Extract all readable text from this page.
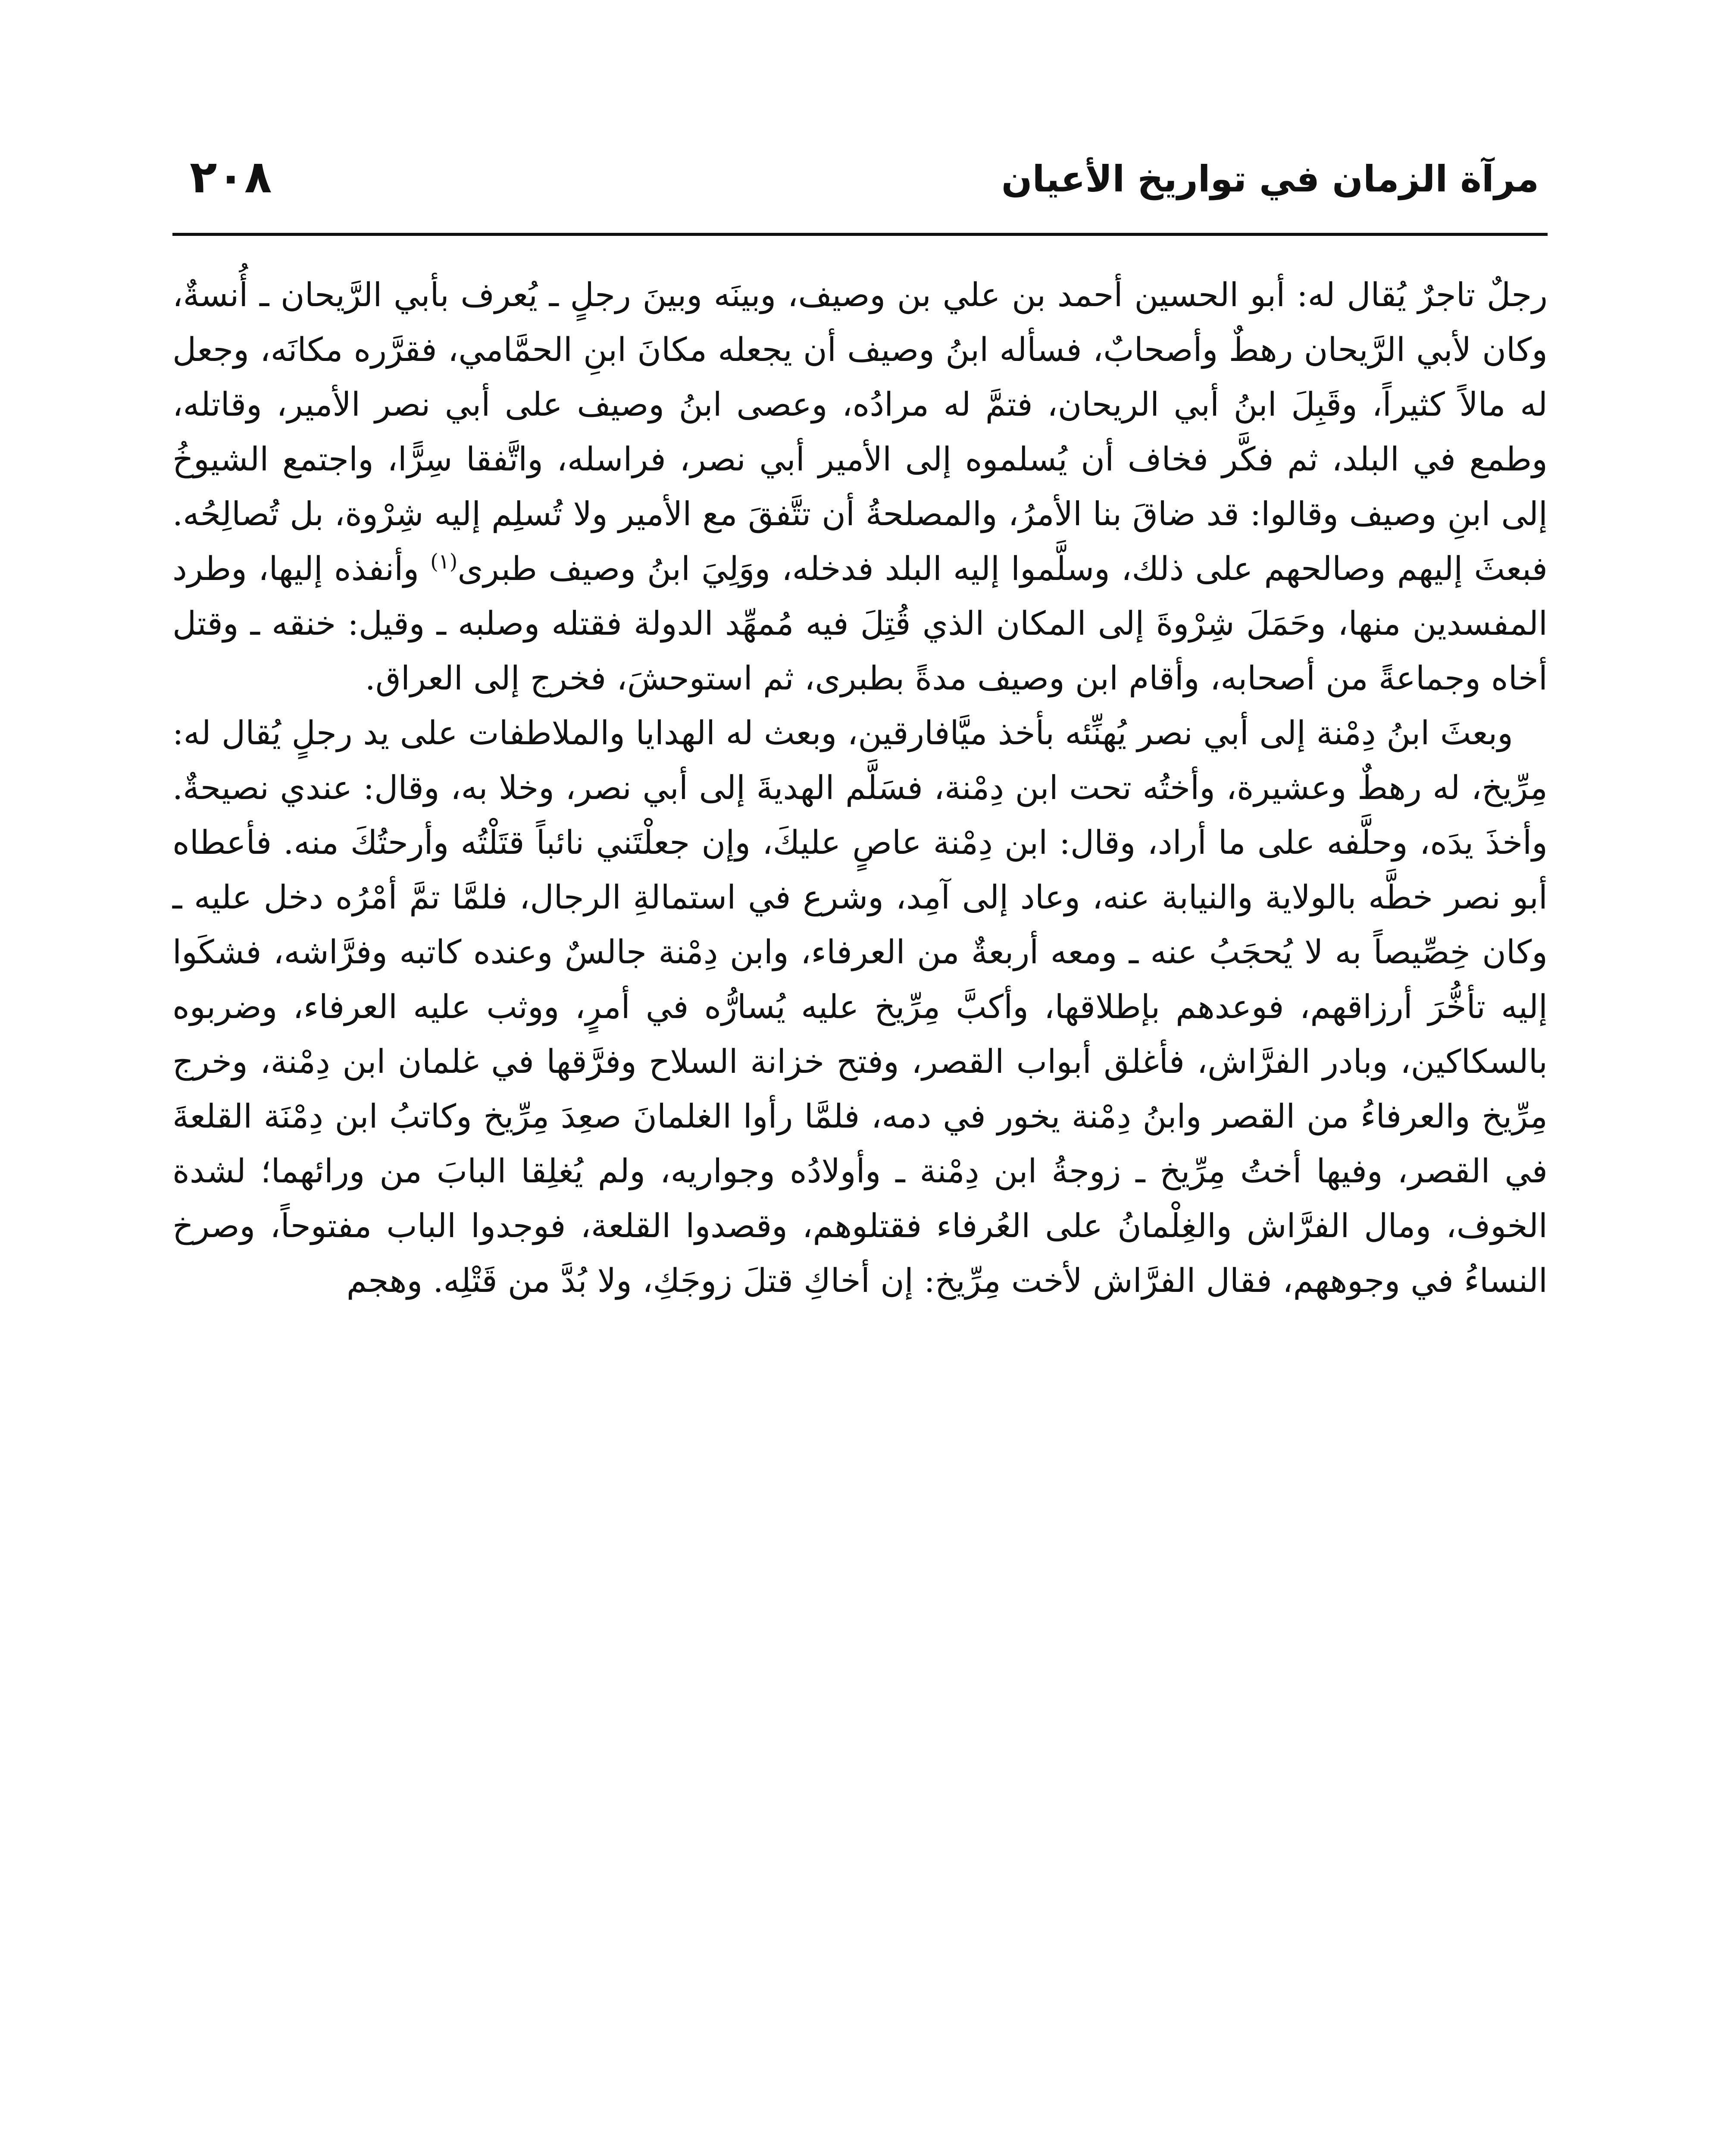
مرآة الزمان في تواريخ الأعيان
٢٠٨

رجلٌ تاجرٌ يُقال له: أبو الحسين أحمد بن علي بن وصيف، وبينَه وبينَ رجلٍ ـ يُعرف بأبي الرَّيحان ـ أُنسةٌ، وكان لأبي الرَّيحان رهطٌ وأصحابٌ، فسأله ابنُ وصيف أن يجعله مكانَ ابنِ الحمَّامي، فقرَّره مكانَه، وجعل له مالاً كثيراً، وقَبِلَ ابنُ أبي الريحان، فتمَّ له مرادُه، وعصى ابنُ وصيف على أبي نصر الأمير، وقاتله، وطمع في البلد، ثم فكَّر فخاف أن يُسلموه إلى الأمير أبي نصر، فراسله، واتَّفقا سِرًّا، واجتمع الشيوخُ إلى ابنِ وصيف وقالوا: قد ضاقَ بنا الأمرُ، والمصلحةُ أن تتَّفقَ مع الأمير ولا تُسلِم إليه شِرْوة، بل تُصالِحُه. فبعثَ إليهم وصالحهم على ذلك، وسلَّموا إليه البلد فدخله، ووَلِيَ ابنُ وصيف طبرى$^{(١)}$ وأنفذه إليها، وطرد المفسدين منها، وحَمَلَ شِرْوةَ إلى المكان الذي قُتِلَ فيه مُمهِّد الدولة فقتله وصلبه ـ وقيل: خنقه ـ وقتل أخاه وجماعةً من أصحابه، وأقام ابن وصيف مدةً بطبرى، ثم استوحشَ، فخرج إلى العراق.

وبعثَ ابنُ دِمْنة إلى أبي نصر يُهنِّئه بأخذ ميَّافارقين، وبعث له الهدايا والملاطفات على يد رجلٍ يُقال له: مِرِّيخ، له رهطٌ وعشيرة، وأختُه تحت ابن دِمْنة، فسَلَّم الهديةَ إلى أبي نصر، وخلا به، وقال: عندي نصيحةٌ. وأخذَ يدَه، وحلَّفه على ما أراد، وقال: ابن دِمْنة عاصٍ عليكَ، وإن جعلْتَني نائباً قتَلْتُه وأرحتُكَ منه. فأعطاه أبو نصر خطَّه بالولاية والنيابة عنه، وعاد إلى آمِد، وشرع في استمالةِ الرجال، فلمَّا تمَّ أمْرُه دخل عليه ـ وكان خِصِّيصاً به لا يُحجَبُ عنه ـ ومعه أربعةٌ من العرفاء، وابن دِمْنة جالسٌ وعنده كاتبه وفرَّاشه، فشكَوا إليه تأخُّرَ أرزاقهم، فوعدهم بإطلاقها، وأكبَّ مِرِّيخ عليه يُسارُّه في أمرٍ، ووثب عليه العرفاء، وضربوه بالسكاكين، وبادر الفرَّاش، فأغلق أبواب القصر، وفتح خزانة السلاح وفرَّقها في غلمان ابن دِمْنة، وخرج مِرِّيخ والعرفاءُ من القصر وابنُ دِمْنة يخور في دمه، فلمَّا رأوا الغلمانَ صعِدَ مِرِّيخ وكاتبُ ابن دِمْنَة القلعةَ في القصر، وفيها أختُ مِرِّيخ ـ زوجةُ ابن دِمْنة ـ وأولادُه وجواريه، ولم يُغلِقا البابَ من ورائهما؛ لشدة الخوف، ومال الفرَّاش والغِلْمانُ على العُرفاء فقتلوهم، وقصدوا القلعة، فوجدوا الباب مفتوحاً، وصرخ النساءُ في وجوههم، فقال الفرَّاش لأخت مِرِّيخ: إن أخاكِ قتلَ زوجَكِ، ولا بُدَّ من قَتْلِه. وهجم
